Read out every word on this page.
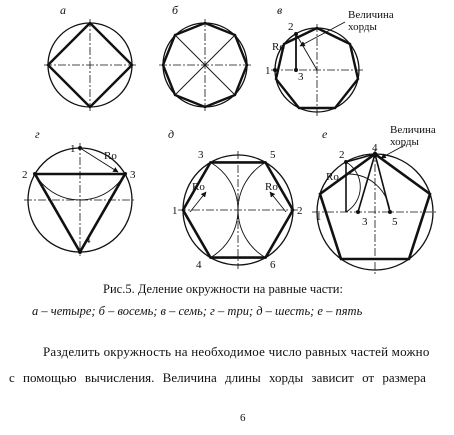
а	б	в
2
Ro
1	3
Величина хорды
г
1
2	3
Ro
4
д
3	5
Ro	Ro
1	2
4	6
е
2
Ro
1	3
4
5
Величина хорды
Рис.5. Деление окружности на равные части:
а – четыре; б – восемь; в – семь; г – три; д – шесть; е – пять
Разделить окружность на необходимое число равных частей можно
с помощью вычисления. Величина длины хорды зависит от размера
6
